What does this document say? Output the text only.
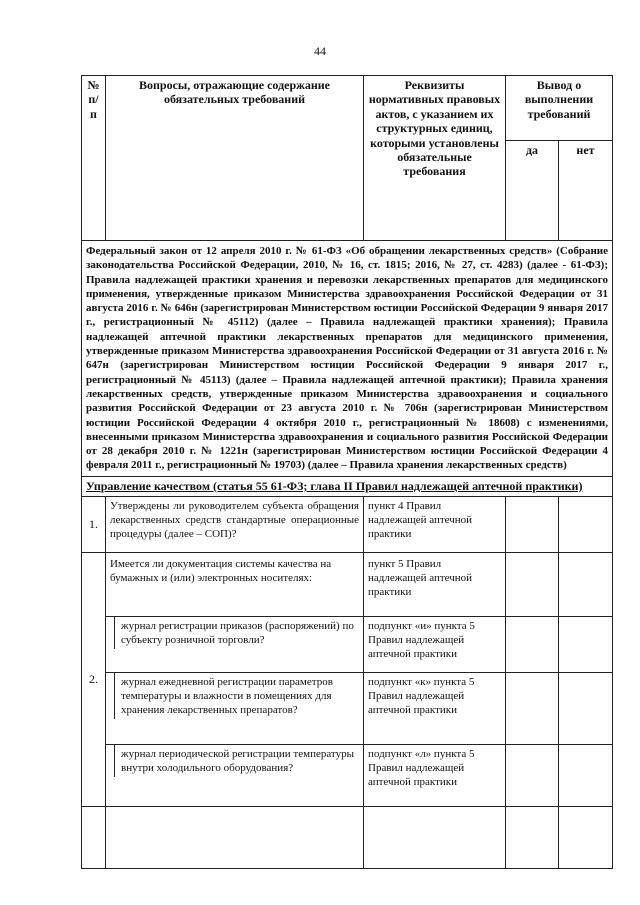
44
№ п/п	Вопросы, отражающие содержание обязательных требований	Реквизиты нормативных правовых актов, с указанием их структурных единиц, которыми установлены обязательные требования	Вывод о выполнении требований	
			да	нет
Федеральный закон от 12 апреля 2010 г. № 61-ФЗ «Об обращении лекарственных средств» (Собрание законодательства Российской Федерации, 2010, № 16, ст. 1815; 2016, № 27, ст. 4283) (далее - 61-ФЗ); Правила надлежащей практики хранения и перевозки лекарственных препаратов для медицинского применения, утвержденные приказом Министерства здравоохранения Российской Федерации от 31 августа 2016 г. № 646н (зарегистрирован Министерством юстиции Российской Федерации 9 января 2017 г., регистрационный № 45112) (далее – Правила надлежащей практики хранения); Правила надлежащей аптечной практики лекарственных препаратов для медицинского применения, утвержденные приказом Министерства здравоохранения Российской Федерации от 31 августа 2016 г. № 647н (зарегистрирован Министерством юстиции Российской Федерации 9 января 2017 г., регистрационный № 45113) (далее – Правила надлежащей аптечной практики); Правила хранения лекарственных средств, утвержденные приказом Министерства здравоохранения и социального развития Российской Федерации от 23 августа 2010 г. № 706н (зарегистрирован Министерством юстиции Российской Федерации 4 октября 2010 г., регистрационный № 18608) с изменениями, внесенными приказом Министерства здравоохранения и социального развития Российской Федерации от 28 декабря 2010 г. № 1221н (зарегистрирован Министерством юстиции Российской Федерации 4 февраля 2011 г., регистрационный № 19703) (далее – Правила хранения лекарственных средств)				
Управление качеством (статья 55 61-ФЗ; глава II Правил надлежащей аптечной практики)				
1.	Утверждены ли руководителем субъекта обращения лекарственных средств стандартные операционные процедуры (далее – СОП)?	пункт 4 Правил надлежащей аптечной практики		
2.	Имеется ли документация системы качества на бумажных и (или) электронных носителях:	пункт 5 Правил надлежащей аптечной практики		

	журнал регистрации приказов (распоряжений) по субъекту розничной торговли?	подпункт «и» пункта 5 Правил надлежащей аптечной практики		

	журнал ежедневной регистрации параметров температуры и влажности в помещениях для хранения лекарственных препаратов?	подпункт «к» пункта 5 Правил надлежащей аптечной практики		

	журнал периодической регистрации температуры внутри холодильного оборудования?	подпункт «л» пункта 5 Правил надлежащей аптечной практики		
